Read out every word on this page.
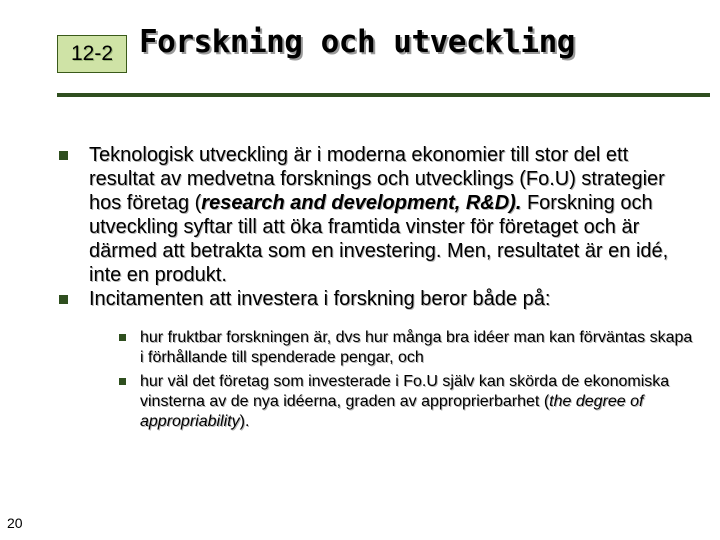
12-2 Forskning och utveckling
Teknologisk utveckling är i moderna ekonomier till stor del ett resultat av medvetna forsknings och utvecklings (Fo.U) strategier hos företag (research and development, R&D). Forskning och utveckling syftar till att öka framtida vinster för företaget och är därmed att betrakta som en investering. Men, resultatet är en idé, inte en produkt.
Incitamenten att investera i forskning beror både på:
hur fruktbar forskningen är, dvs hur många bra idéer man kan förväntas skapa i förhållande till spenderade pengar, och
hur väl det företag som investerade i Fo.U själv kan skörda de ekonomiska vinsterna av de nya idéerna, graden av approprierbarhet (the degree of appropriability).
20
